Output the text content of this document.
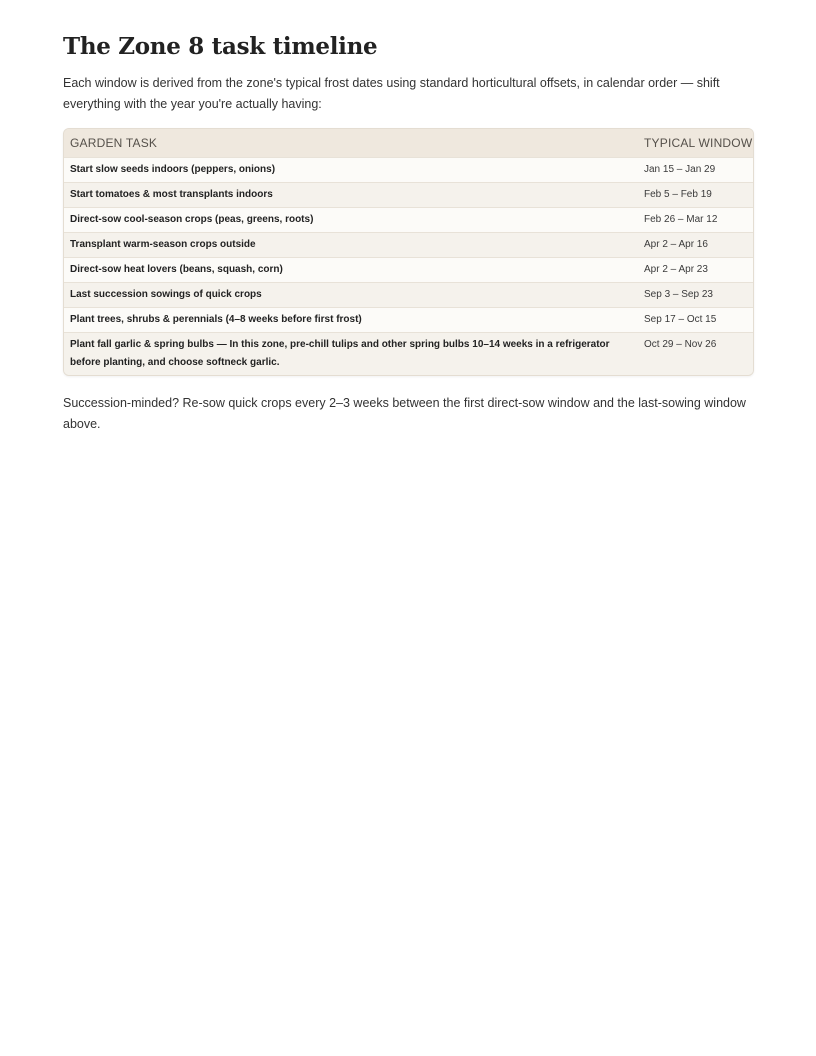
The Zone 8 task timeline

Each window is derived from the zone's typical frost dates using standard horticultural offsets, in calendar order — shift everything with the year you're actually having:

GARDEN TASK	TYPICAL WINDOW
Start slow seeds indoors (peppers, onions)	Jan 15 – Jan 29
Start tomatoes & most transplants indoors	Feb 5 – Feb 19
Direct-sow cool-season crops (peas, greens, roots)	Feb 26 – Mar 12
Transplant warm-season crops outside	Apr 2 – Apr 16
Direct-sow heat lovers (beans, squash, corn)	Apr 2 – Apr 23
Last succession sowings of quick crops	Sep 3 – Sep 23
Plant trees, shrubs & perennials (4–8 weeks before first frost)	Sep 17 – Oct 15
Plant fall garlic & spring bulbs — In this zone, pre-chill tulips and other spring bulbs 10–14 weeks in a refrigerator before planting, and choose softneck garlic.	Oct 29 – Nov 26

Succession-minded? Re-sow quick crops every 2–3 weeks between the first direct-sow window and the last-sowing window above.
